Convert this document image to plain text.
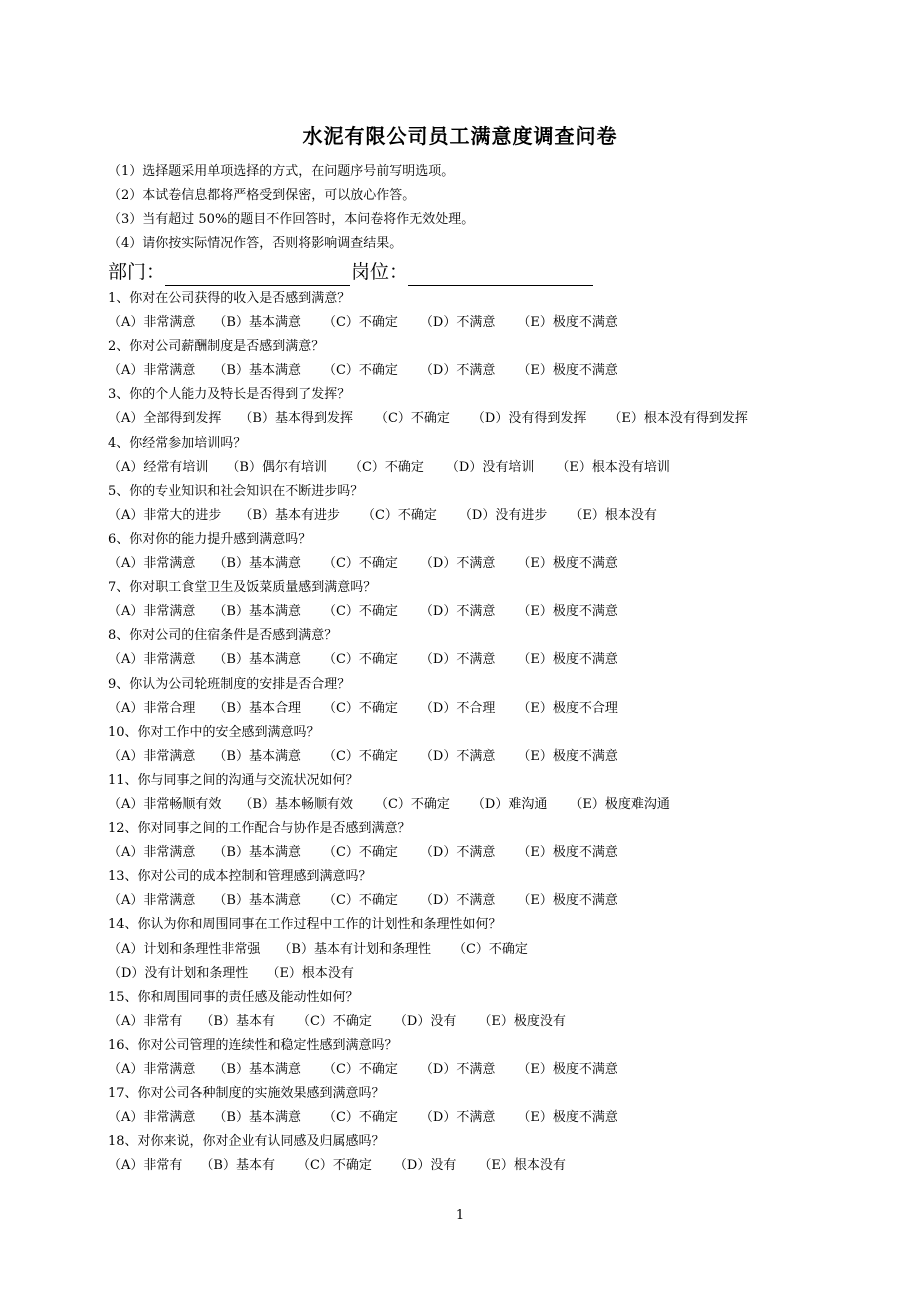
水泥有限公司员工满意度调查问卷
（1）选择题采用单项选择的方式，在问题序号前写明选项。
（2）本试卷信息都将严格受到保密，可以放心作答。
（3）当有超过 50%的题目不作回答时，本问卷将作无效处理。
（4）请你按实际情况作答，否则将影响调查结果。
部门：	岗位：
1、你对在公司获得的收入是否感到满意？
（A）非常满意 （B）基本满意 （C）不确定 （D）不满意 （E）极度不满意
2、你对公司薪酬制度是否感到满意？
（A）非常满意 （B）基本满意 （C）不确定 （D）不满意 （E）极度不满意
3、你的个人能力及特长是否得到了发挥？
（A）全部得到发挥 （B）基本得到发挥 （C）不确定 （D）没有得到发挥 （E）根本没有得到发挥
4、你经常参加培训吗？
（A）经常有培训 （B）偶尔有培训 （C）不确定 （D）没有培训 （E）根本没有培训
5、你的专业知识和社会知识在不断进步吗？
（A）非常大的进步 （B）基本有进步 （C）不确定 （D）没有进步 （E）根本没有
6、你对你的能力提升感到满意吗？
（A）非常满意 （B）基本满意 （C）不确定 （D）不满意 （E）极度不满意
7、你对职工食堂卫生及饭菜质量感到满意吗？
（A）非常满意 （B）基本满意 （C）不确定 （D）不满意 （E）极度不满意
8、你对公司的住宿条件是否感到满意？
（A）非常满意 （B）基本满意 （C）不确定 （D）不满意 （E）极度不满意
9、你认为公司轮班制度的安排是否合理？
（A）非常合理 （B）基本合理 （C）不确定 （D）不合理 （E）极度不合理
10、你对工作中的安全感到满意吗？
（A）非常满意 （B）基本满意 （C）不确定 （D）不满意 （E）极度不满意
11、你与同事之间的沟通与交流状况如何？
（A）非常畅顺有效 （B）基本畅顺有效 （C）不确定 （D）难沟通 （E）极度难沟通
12、你对同事之间的工作配合与协作是否感到满意？
（A）非常满意 （B）基本满意 （C）不确定 （D）不满意 （E）极度不满意
13、你对公司的成本控制和管理感到满意吗？
（A）非常满意 （B）基本满意 （C）不确定 （D）不满意 （E）极度不满意
14、你认为你和周围同事在工作过程中工作的计划性和条理性如何？
（A）计划和条理性非常强 （B）基本有计划和条理性 （C）不确定
（D）没有计划和条理性 （E）根本没有
15、你和周围同事的责任感及能动性如何？
（A）非常有 （B）基本有 （C）不确定 （D）没有 （E）极度没有
16、你对公司管理的连续性和稳定性感到满意吗？
（A）非常满意 （B）基本满意 （C）不确定 （D）不满意 （E）极度不满意
17、你对公司各种制度的实施效果感到满意吗？
（A）非常满意 （B）基本满意 （C）不确定 （D）不满意 （E）极度不满意
18、对你来说，你对企业有认同感及归属感吗？
（A）非常有 （B）基本有 （C）不确定 （D）没有 （E）根本没有
1
